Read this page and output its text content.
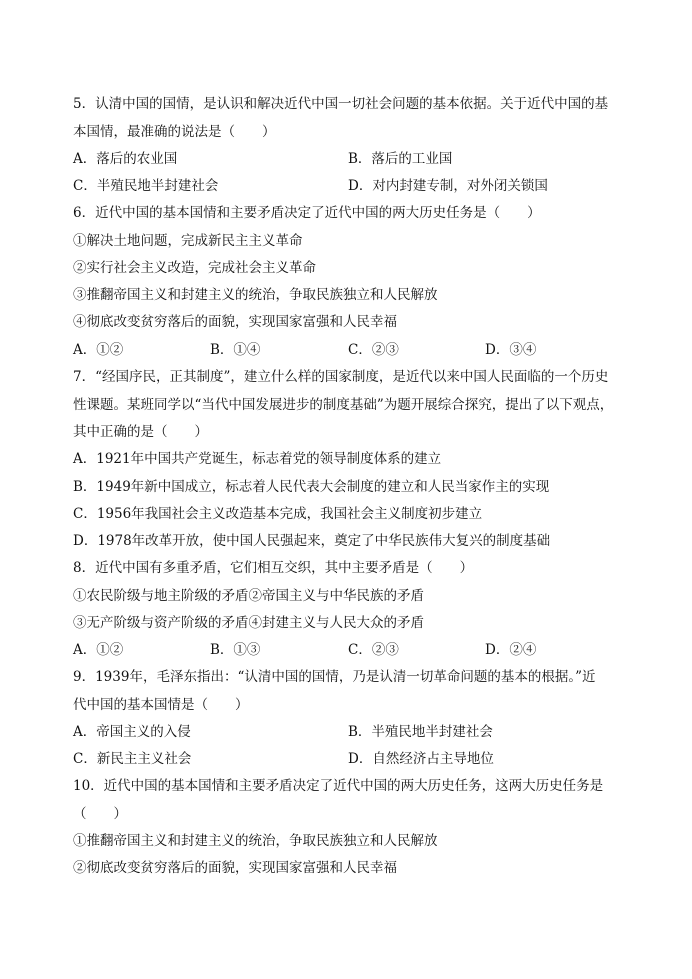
5．认清中国的国情，是认识和解决近代中国一切社会问题的基本依据。关于近代中国的基
本国情，最准确的说法是（　　）
A．落后的农业国	B．落后的工业国
C．半殖民地半封建社会	D．对内封建专制，对外闭关锁国
6．近代中国的基本国情和主要矛盾决定了近代中国的两大历史任务是（　　）
①解决土地问题，完成新民主主义革命
②实行社会主义改造，完成社会主义革命
③推翻帝国主义和封建主义的统治，争取民族独立和人民解放
④彻底改变贫穷落后的面貌，实现国家富强和人民幸福
A．①②	B．①④	C．②③	D．③④
7．“经国序民，正其制度”，建立什么样的国家制度，是近代以来中国人民面临的一个历史
性课题。某班同学以“当代中国发展进步的制度基础”为题开展综合探究，提出了以下观点，
其中正确的是（　　）
A．1921年中国共产党诞生，标志着党的领导制度体系的建立
B．1949年新中国成立，标志着人民代表大会制度的建立和人民当家作主的实现
C．1956年我国社会主义改造基本完成，我国社会主义制度初步建立
D．1978年改革开放，使中国人民强起来，奠定了中华民族伟大复兴的制度基础
8．近代中国有多重矛盾，它们相互交织，其中主要矛盾是（　　）
①农民阶级与地主阶级的矛盾②帝国主义与中华民族的矛盾
③无产阶级与资产阶级的矛盾④封建主义与人民大众的矛盾
A．①②	B．①③	C．②③	D．②④
9．1939年，毛泽东指出：“认清中国的国情，乃是认清一切革命问题的基本的根据。”近
代中国的基本国情是（　　）
A．帝国主义的入侵	B．半殖民地半封建社会
C．新民主主义社会	D．自然经济占主导地位
10．近代中国的基本国情和主要矛盾决定了近代中国的两大历史任务，这两大历史任务是
（　　）
①推翻帝国主义和封建主义的统治，争取民族独立和人民解放
②彻底改变贫穷落后的面貌，实现国家富强和人民幸福
